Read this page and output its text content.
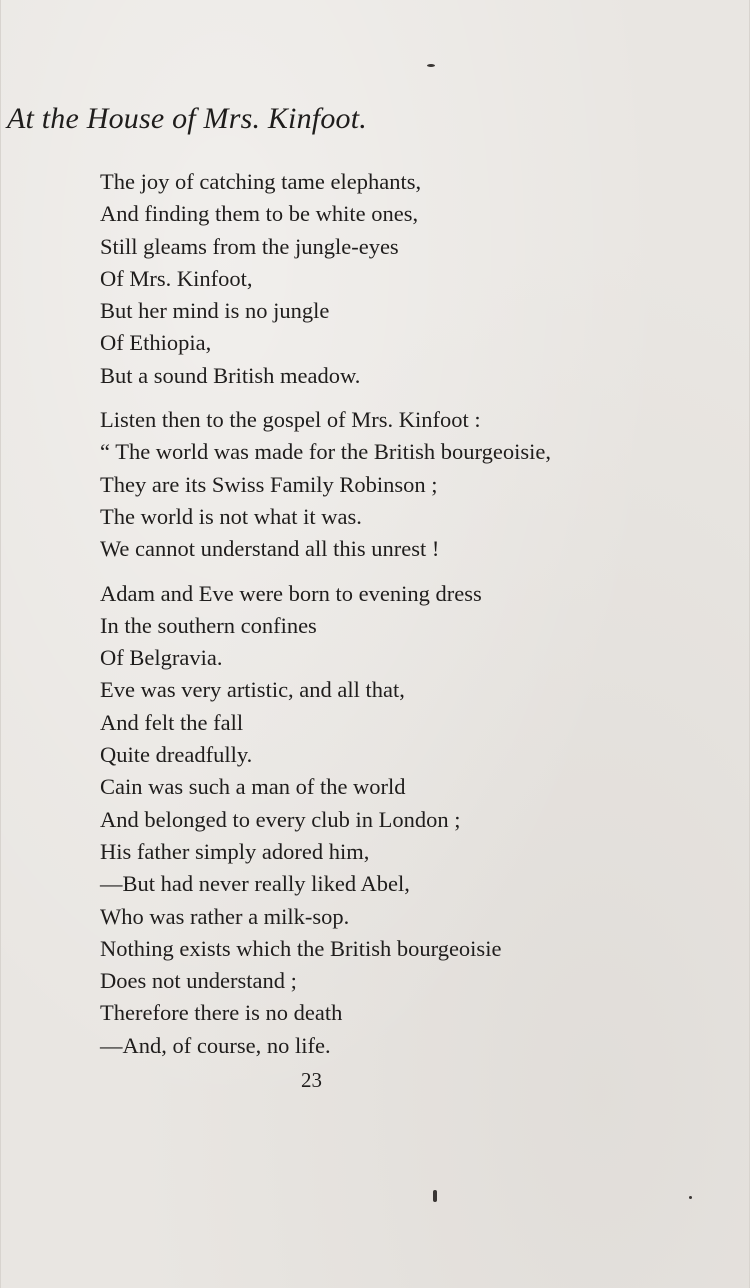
At the House of Mrs. Kinfoot.
The joy of catching tame elephants,
And finding them to be white ones,
Still gleams from the jungle-eyes
Of Mrs. Kinfoot,
But her mind is no jungle
Of Ethiopia,
But a sound British meadow.
Listen then to the gospel of Mrs. Kinfoot :
“ The world was made for the British bourgeoisie,
They are its Swiss Family Robinson ;
The world is not what it was.
We cannot understand all this unrest !
Adam and Eve were born to evening dress
In the southern confines
Of Belgravia.
Eve was very artistic, and all that,
And felt the fall
Quite dreadfully.
Cain was such a man of the world
And belonged to every club in London ;
His father simply adored him,
—But had never really liked Abel,
Who was rather a milk-sop.
Nothing exists which the British bourgeoisie
Does not understand ;
Therefore there is no death
—And, of course, no life.
23
